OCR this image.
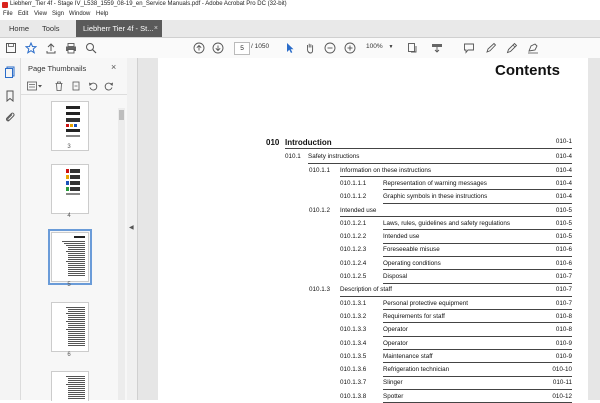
Liebherr_Tier 4f - Stage IV_L538_1559_08-19_en_Service Manuals.pdf - Adobe Acrobat Pro DC (32-bit)
File Edit View Sign Window Help
Home	Tools	Liebherr Tier 4f - St... ×
5	/ 1050	100% ▼
Page Thumbnails	×
3
4
5
6
◀
Contents
010 Introduction	010-1
010.1 Safety instructions	010-4
010.1.1 Information on these instructions	010-4
010.1.1.1	Representation of warning messages	010-4
010.1.1.2	Graphic symbols in these instructions	010-4
010.1.2 Intended use	010-5
010.1.2.1	Laws, rules, guidelines and safety regulations	010-5
010.1.2.2	Intended use	010-5
010.1.2.3	Foreseeable misuse	010-6
010.1.2.4	Operating conditions	010-6
010.1.2.5	Disposal	010-7
010.1.3 Description of staff	010-7
010.1.3.1	Personal protective equipment	010-7
010.1.3.2	Requirements for staff	010-8
010.1.3.3	Operator	010-8
010.1.3.4	Operator	010-9
010.1.3.5	Maintenance staff	010-9
010.1.3.6	Refrigeration technician	010-10
010.1.3.7	Slinger	010-11
010.1.3.8	Spotter	010-12
